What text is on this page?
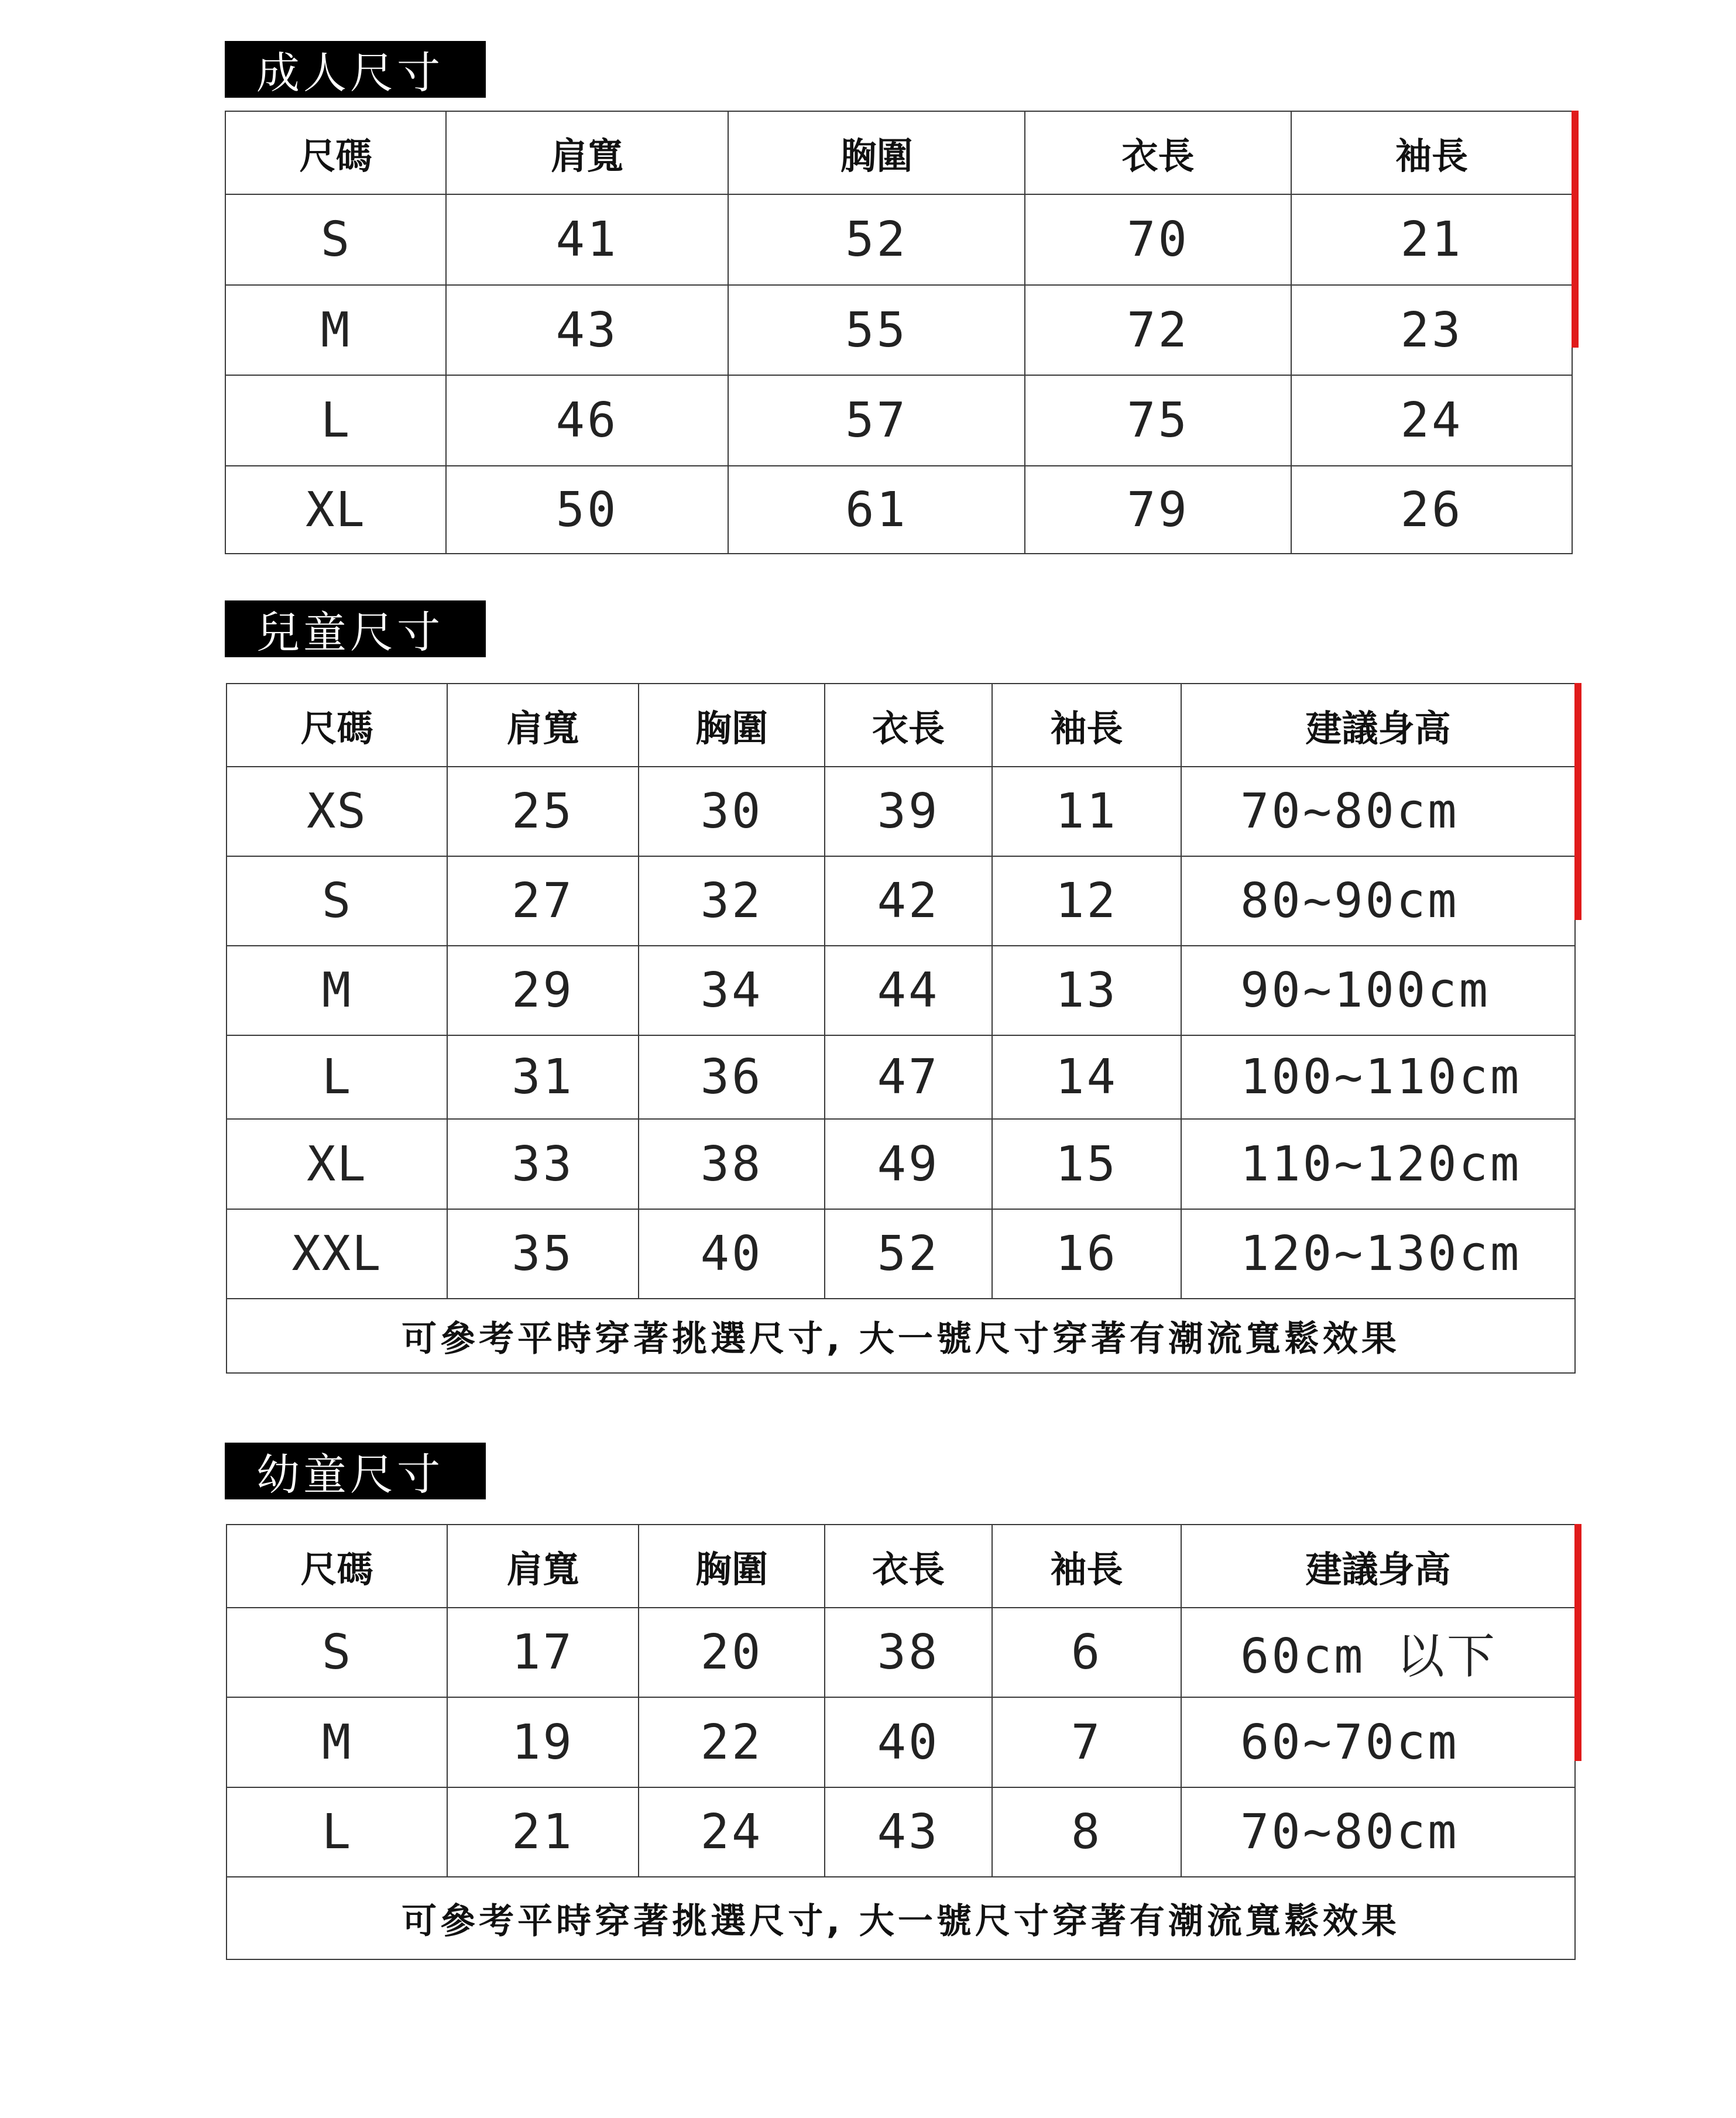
成人尺寸
尺碼	肩寬	胸圍	衣長	袖長
S	41	52	70	21
M	43	55	72	23
L	46	57	75	24
XL	50	61	79	26
兒童尺寸
尺碼	肩寬	胸圍	衣長	袖長	建議身高
XS	25	30	39	11	70~80cm
S	27	32	42	12	80~90cm
M	29	34	44	13	90~100cm
L	31	36	47	14	100~110cm
XL	33	38	49	15	110~120cm
XXL	35	40	52	16	120~130cm
可參考平時穿著挑選尺寸, 大一號尺寸穿著有潮流寬鬆效果					
幼童尺寸
尺碼	肩寬	胸圍	衣長	袖長	建議身高
S	17	20	38	6	60cm 以下
M	19	22	40	7	60~70cm
L	21	24	43	8	70~80cm
可參考平時穿著挑選尺寸, 大一號尺寸穿著有潮流寬鬆效果					
